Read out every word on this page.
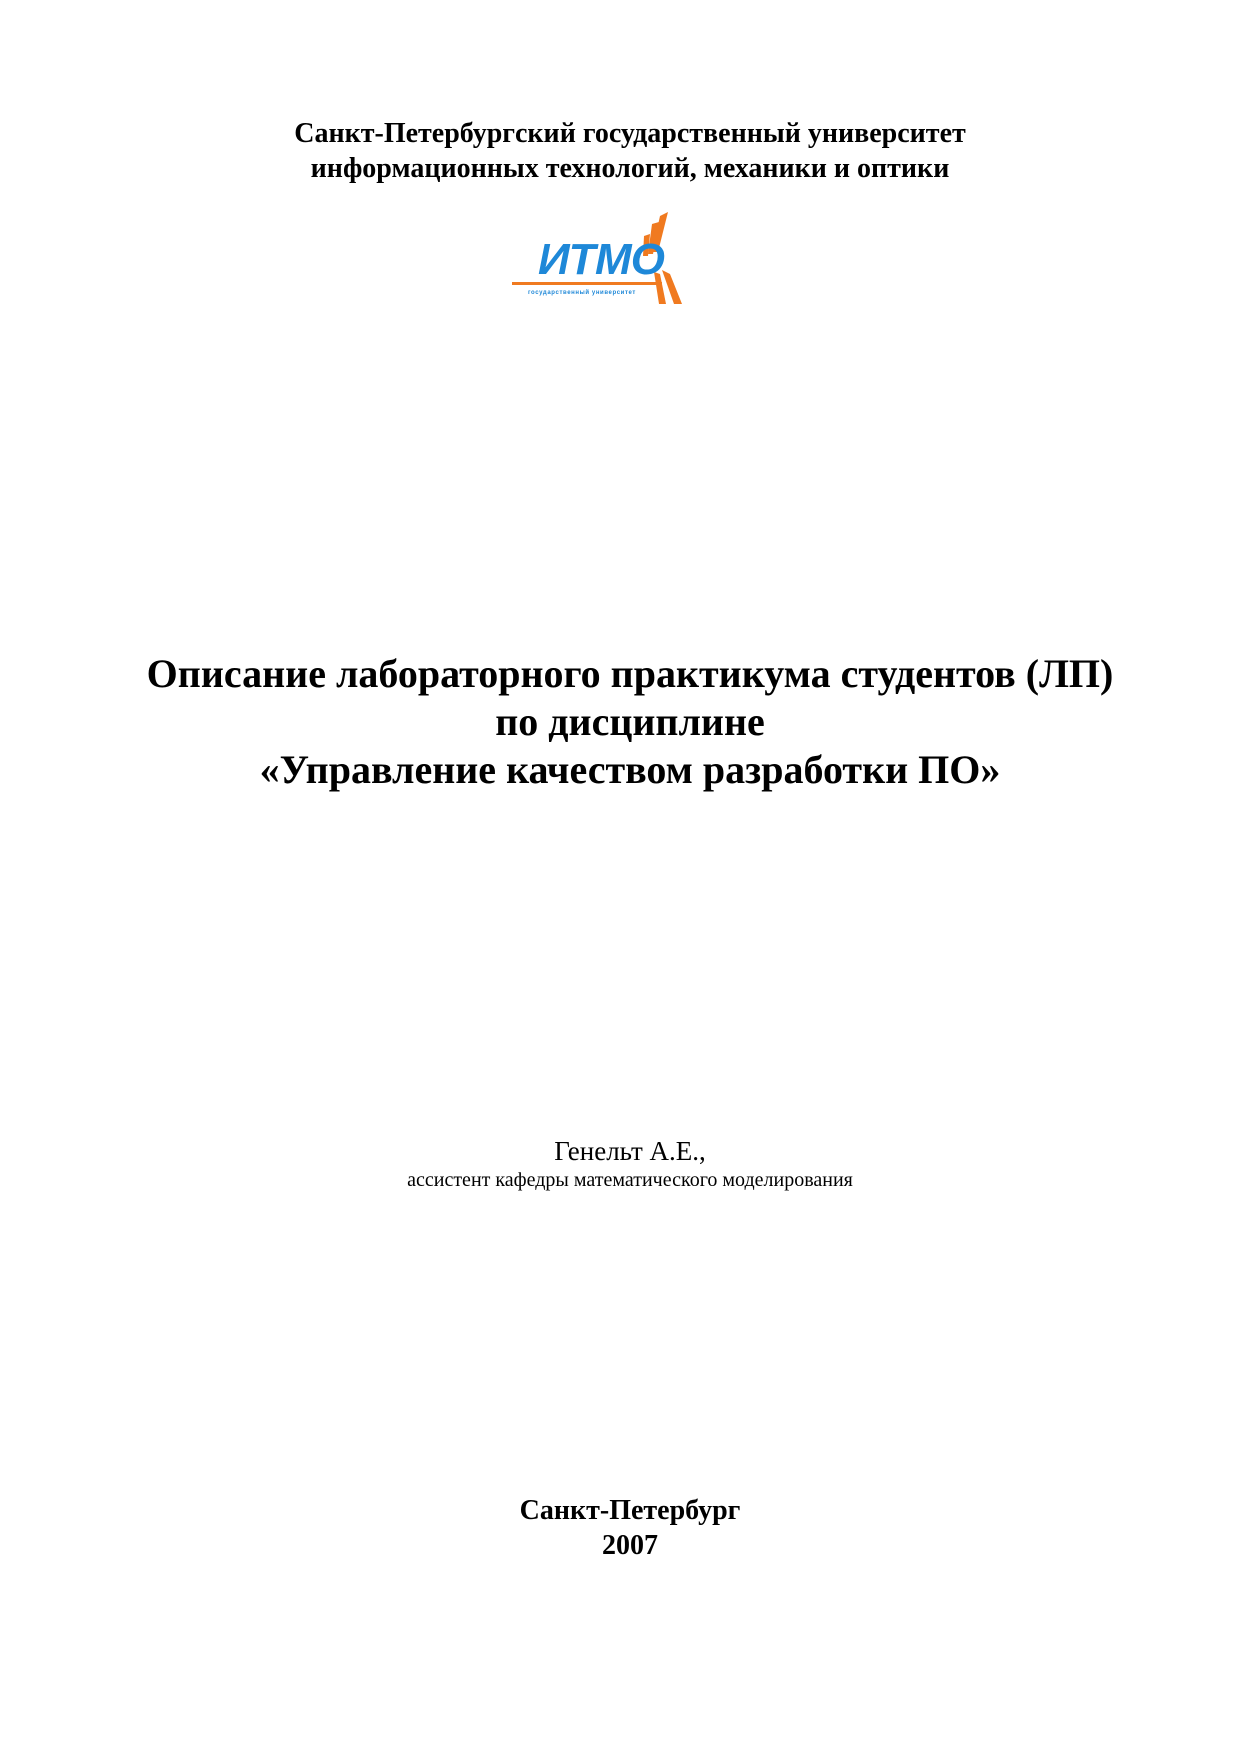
Санкт-Петербургский государственный университет
информационных технологий, механики и оптики
ИТМО
государственный университет
Описание лабораторного практикума студентов (ЛП)
по дисциплине
«Управление качеством разработки ПО»
Генельт А.Е.,
ассистент кафедры математического моделирования
Санкт-Петербург
2007
